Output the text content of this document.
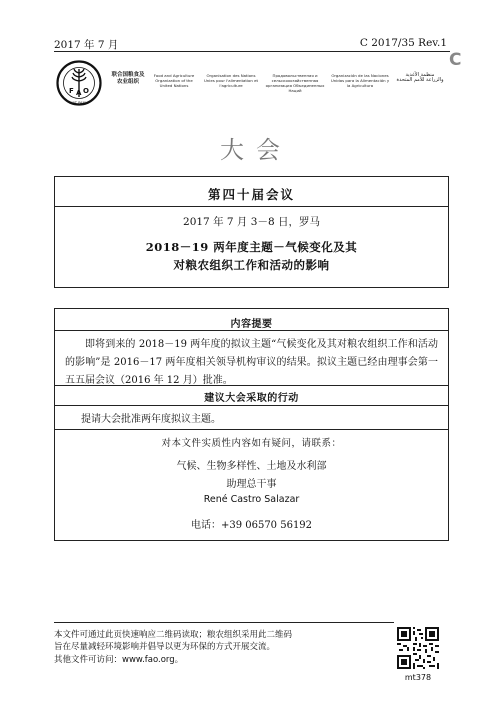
2017 年 7 月	C 2017/35 Rev.1
C
F A O
FIAT PANIS
联合国粮食及农业组织
Food and Agriculture Organization of the United Nations
Organisation des Nations Unies pour l'alimentation et l'agriculture
Продовольственная и сельскохозяйственная организация Объединенных Наций
Organización de las Naciones Unidas para la Alimentación y la Agricultura
منظمة الأغذية والزراعة للأمم المتحدة
大会
第四十届会议
2017 年 7 月 3－8 日，罗马
2018－19 两年度主题－气候变化及其
对粮农组织工作和活动的影响
内容提要
即将到来的 2018－19 两年度的拟议主题“气候变化及其对粮农组织工作和活动的影响”是 2016－17 两年度相关领导机构审议的结果。拟议主题已经由理事会第一五五届会议（2016 年 12 月）批准。
建议大会采取的行动
提请大会批准两年度拟议主题。
对本文件实质性内容如有疑问，请联系：
气候、生物多样性、土地及水利部
助理总干事
René Castro Salazar
电话：+39 06570 56192
本文件可通过此页快速响应二维码读取；粮农组织采用此二维码
旨在尽量减轻环境影响并倡导以更为环保的方式开展交流。
其他文件可访问：www.fao.org。
mt378
